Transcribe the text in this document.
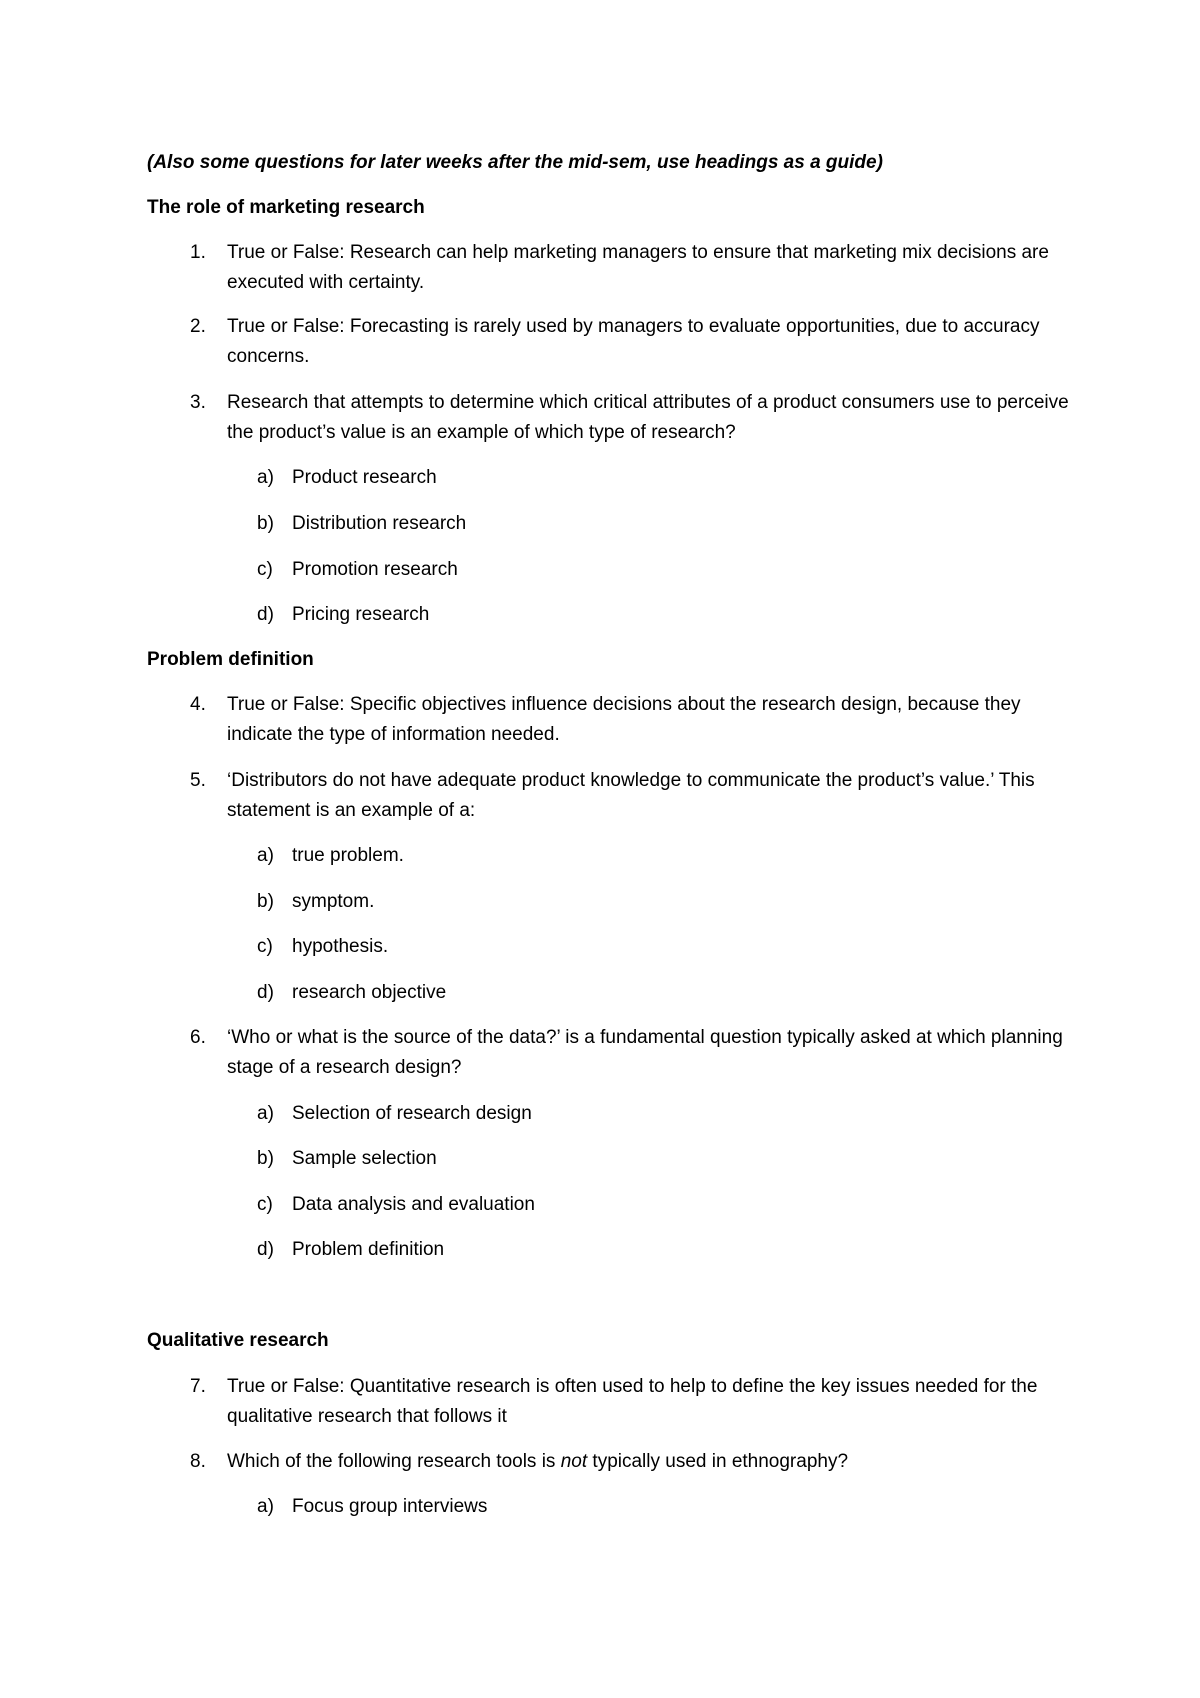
(Also some questions for later weeks after the mid-sem, use headings as a guide)

The role of marketing research

1.	True or False: Research can help marketing managers to ensure that marketing mix decisions are executed with certainty.
2.	True or False: Forecasting is rarely used by managers to evaluate opportunities, due to accuracy concerns.
3.	Research that attempts to determine which critical attributes of a product consumers use to perceive the product’s value is an example of which type of research?
a) Product research
b) Distribution research
c)	Promotion research
d) Pricing research

Problem definition

4.	True or False: Specific objectives influence decisions about the research design, because they indicate the type of information needed.
5.	‘Distributors do not have adequate product knowledge to communicate the product’s value.’ This statement is an example of a:
a) true problem.
b) symptom.
c)	hypothesis.
d) research objective
6.	‘Who or what is the source of the data?’ is a fundamental question typically asked at which planning stage of a research design?
a) Selection of research design
b) Sample selection
c)	Data analysis and evaluation
d) Problem definition

Qualitative research

7.	True or False: Quantitative research is often used to help to define the key issues needed for the qualitative research that follows it
8.	Which of the following research tools is not typically used in ethnography?
a) Focus group interviews
